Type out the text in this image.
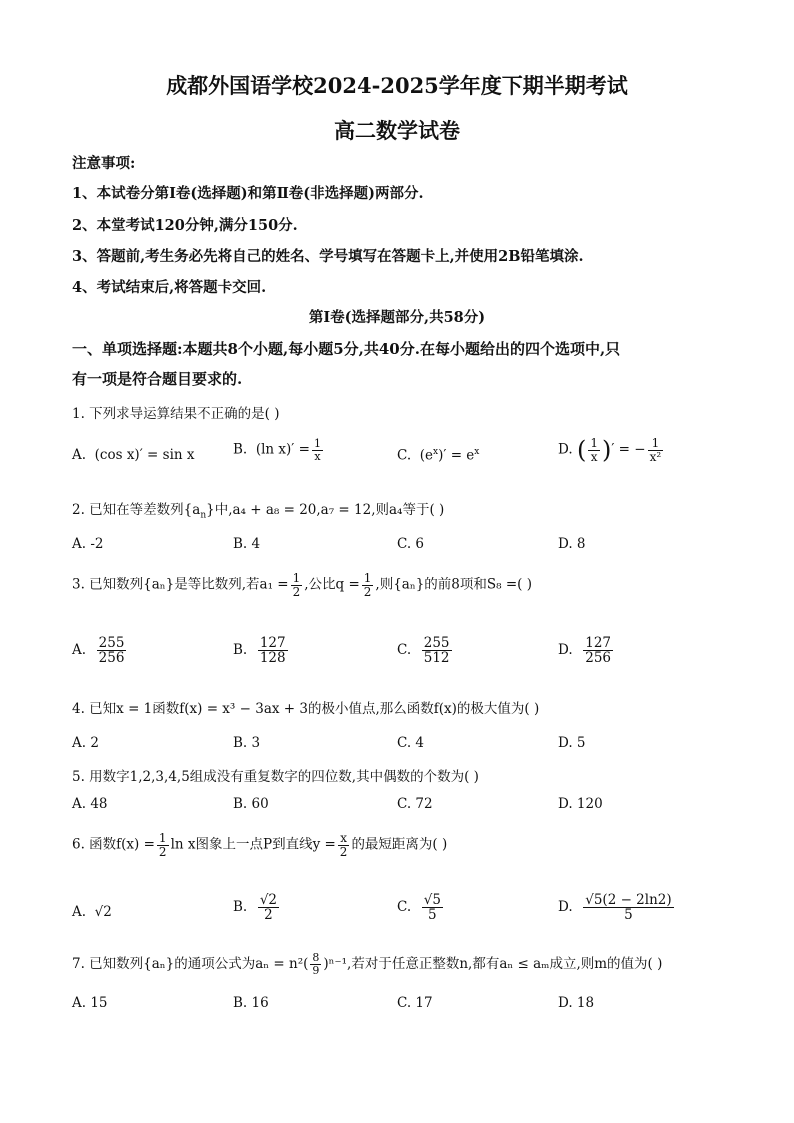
成都外国语学校2024-2025学年度下期半期考试
高二数学试卷
注意事项:
1、本试卷分第Ⅰ卷(选择题)和第Ⅱ卷(非选择题)两部分.
2、本堂考试120分钟,满分150分.
3、答题前,考生务必先将自己的姓名、学号填写在答题卡上,并使用2B铅笔填涂.
4、考试结束后,将答题卡交回.
第Ⅰ卷(选择题部分,共58分)
一、单项选择题:本题共8个小题,每小题5分,共40分.在每小题给出的四个选项中,只
有一项是符合题目要求的.
1. 下列求导运算结果不正确的是( )
A. (cos x)′ = sin x	B. (ln $x)' = \frac{1}{x}$	C. $(e^x)' = e^x$	D. ( $\frac{1}{x}$ )′ = − $\frac{1}{\text{x²}}$
2. 已知在等差数列$\{a_n\}$中,a₄ + a₈ = 20,a₇ = 12,则a₄等于( )
A. -2	B. 4	C. 6	D. 8
3. 已知数列{aₙ}是等比数列,若$a_1 = \frac{1}{2}$ ,公比$q = \frac{1}{2}$ ,则{aₙ}的前8项和S₈ =( )
A. $\frac{255}{256}$	B. $\frac{127}{128}$	C. $\frac{255}{512}$	D. $\frac{127}{256}$
4. 已知x = 1函数f(x) = x³ − 3ax + 3的极小值点,那么函数f(x)的极大值为( )
A. 2	B. 3	C. 4	D. 5
5. 用数字1,2,3,4,5组成没有重复数字的四位数,其中偶数的个数为( )
A. 48	B. 60	C. 72	D. 120
6. 函数$f(x) = \frac{1}{2}$ ln x图象上一点P到直线$y = \frac{x}{2}$ 的最短距离为( )
A. √2	B. $\frac{√2}{2}$	C. $\frac{√5}{5}$	D. $\frac{√5(2 - 2\ln 2)}{5}$
7. 已知数列{aₙ}的通项公式为$a_n = n^2( \frac{8}{9} )^{n-1}$,若对于任意正整数n,都有aₙ ≤ aₘ成立,则m的值为( )
A. 15	B. 16	C. 17	D. 18
